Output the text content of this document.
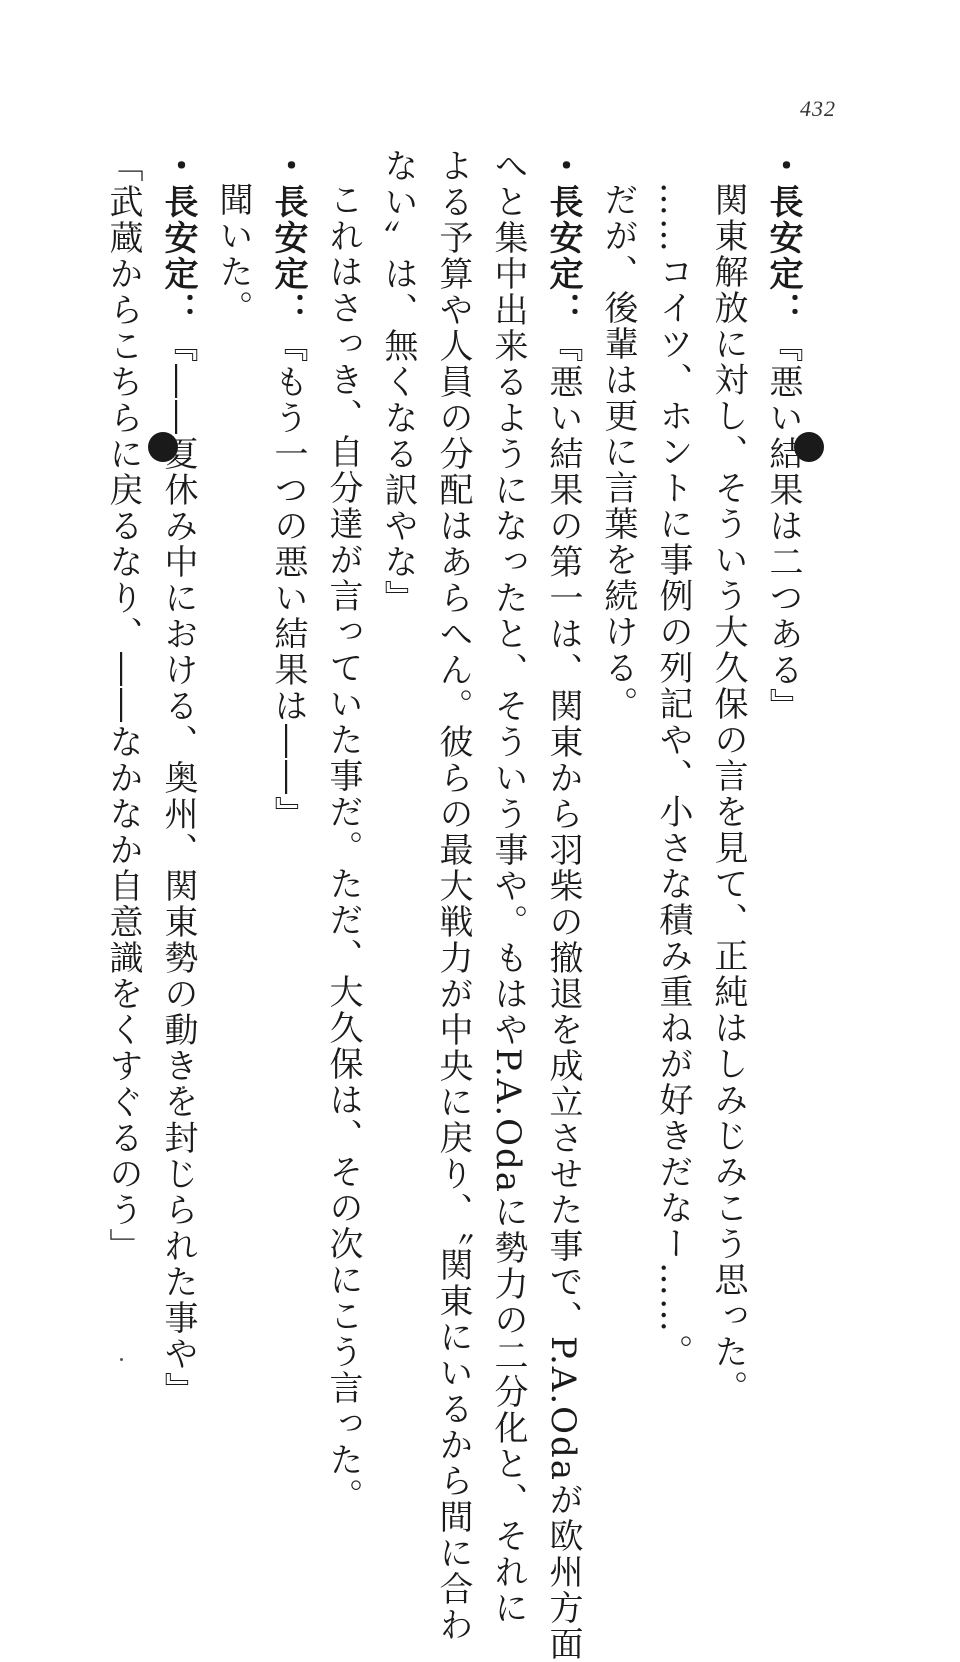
432

・長安定：『悪い結果は二つある』

関東解放に対し、そういう大久保の言を見て、正純はしみじみこう思った。

……コイツ、ホントに事例の列記や、小さな積み重ねが好きだなー……。

だが、後輩は更に言葉を続ける。

・長安定：『悪い結果の第一は、関東から羽柴の撤退を成立させた事で、P.A.Odaが欧州方面

へと集中出来るようになったと、そういう事や。もはやP.A.Odaに勢力の二分化と、それに

よる予算や人員の分配はあらへん。彼らの最大戦力が中央に戻り、〝関東にいるから間に合わ

ない〟は、無くなる訳やな』

これはさっき、自分達が言っていた事だ。ただ、大久保は、その次にこう言った。

・長安定：『もう一つの悪い結果は――』

聞いた。

・長安定：『――夏休み中における、奥州、関東勢の動きを封じられた事や』

「武蔵からこちらに戻るなり、――なかなか自意識をくすぐるのう」
